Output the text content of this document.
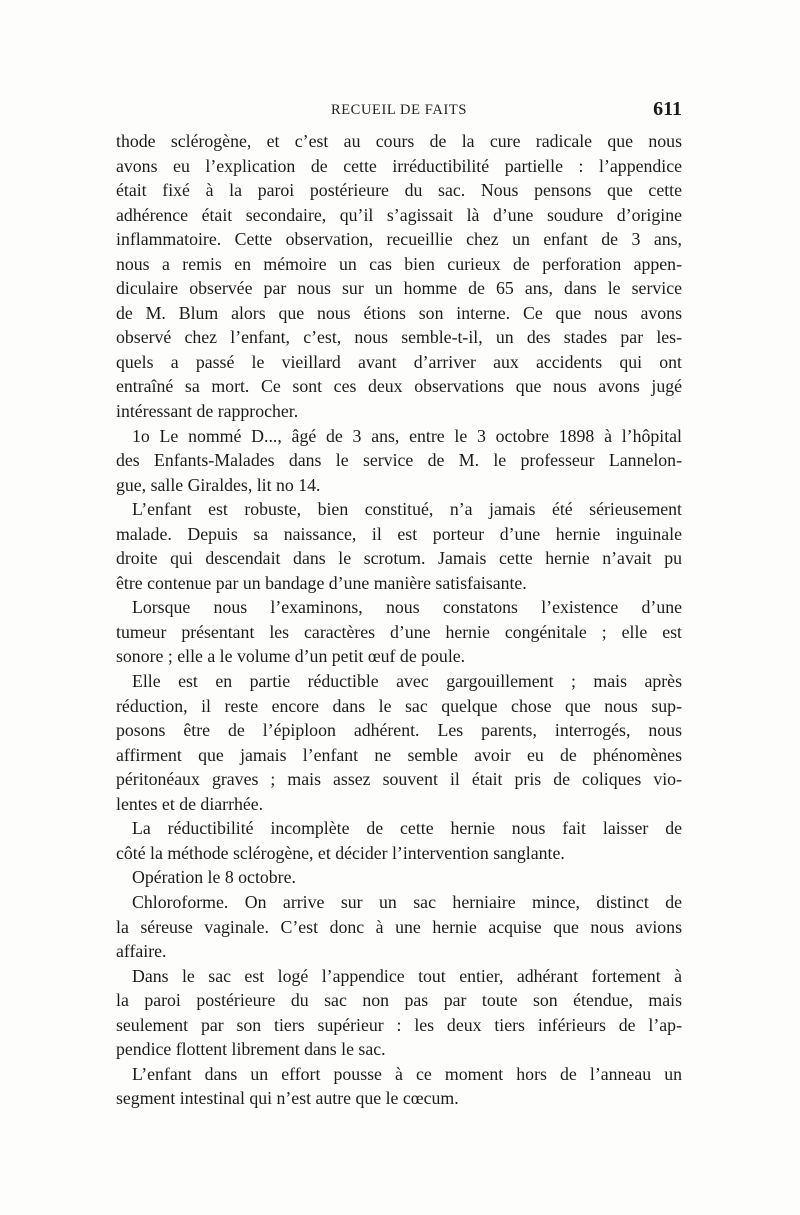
RECUEIL DE FAITS	611
thode sclérogène, et c’est au cours de la cure radicale que nous
avons eu l’explication de cette irréductibilité partielle : l’appendice
était fixé à la paroi postérieure du sac. Nous pensons que cette
adhérence était secondaire, qu’il s’agissait là d’une soudure d’origine
inflammatoire. Cette observation, recueillie chez un enfant de 3 ans,
nous a remis en mémoire un cas bien curieux de perforation appen-
diculaire observée par nous sur un homme de 65 ans, dans le service
de M. Blum alors que nous étions son interne. Ce que nous avons
observé chez l’enfant, c’est, nous semble-t-il, un des stades par les-
quels a passé le vieillard avant d’arriver aux accidents qui ont
entraîné sa mort. Ce sont ces deux observations que nous avons jugé
intéressant de rapprocher.
1o Le nommé D..., âgé de 3 ans, entre le 3 octobre 1898 à l’hôpital
des Enfants-Malades dans le service de M. le professeur Lannelon-
gue, salle Giraldes, lit no 14.
L’enfant est robuste, bien constitué, n’a jamais été sérieusement
malade. Depuis sa naissance, il est porteur d’une hernie inguinale
droite qui descendait dans le scrotum. Jamais cette hernie n’avait pu
être contenue par un bandage d’une manière satisfaisante.
Lorsque nous l’examinons, nous constatons l’existence d’une
tumeur présentant les caractères d’une hernie congénitale ; elle est
sonore ; elle a le volume d’un petit œuf de poule.
Elle est en partie réductible avec gargouillement ; mais après
réduction, il reste encore dans le sac quelque chose que nous sup-
posons être de l’épiploon adhérent. Les parents, interrogés, nous
affirment que jamais l’enfant ne semble avoir eu de phénomènes
péritonéaux graves ; mais assez souvent il était pris de coliques vio-
lentes et de diarrhée.
La réductibilité incomplète de cette hernie nous fait laisser de
côté la méthode sclérogène, et décider l’intervention sanglante.
Opération le 8 octobre.
Chloroforme. On arrive sur un sac herniaire mince, distinct de
la séreuse vaginale. C’est donc à une hernie acquise que nous avions
affaire.
Dans le sac est logé l’appendice tout entier, adhérant fortement à
la paroi postérieure du sac non pas par toute son étendue, mais
seulement par son tiers supérieur : les deux tiers inférieurs de l’ap-
pendice flottent librement dans le sac.
L’enfant dans un effort pousse à ce moment hors de l’anneau un
segment intestinal qui n’est autre que le cœcum.
